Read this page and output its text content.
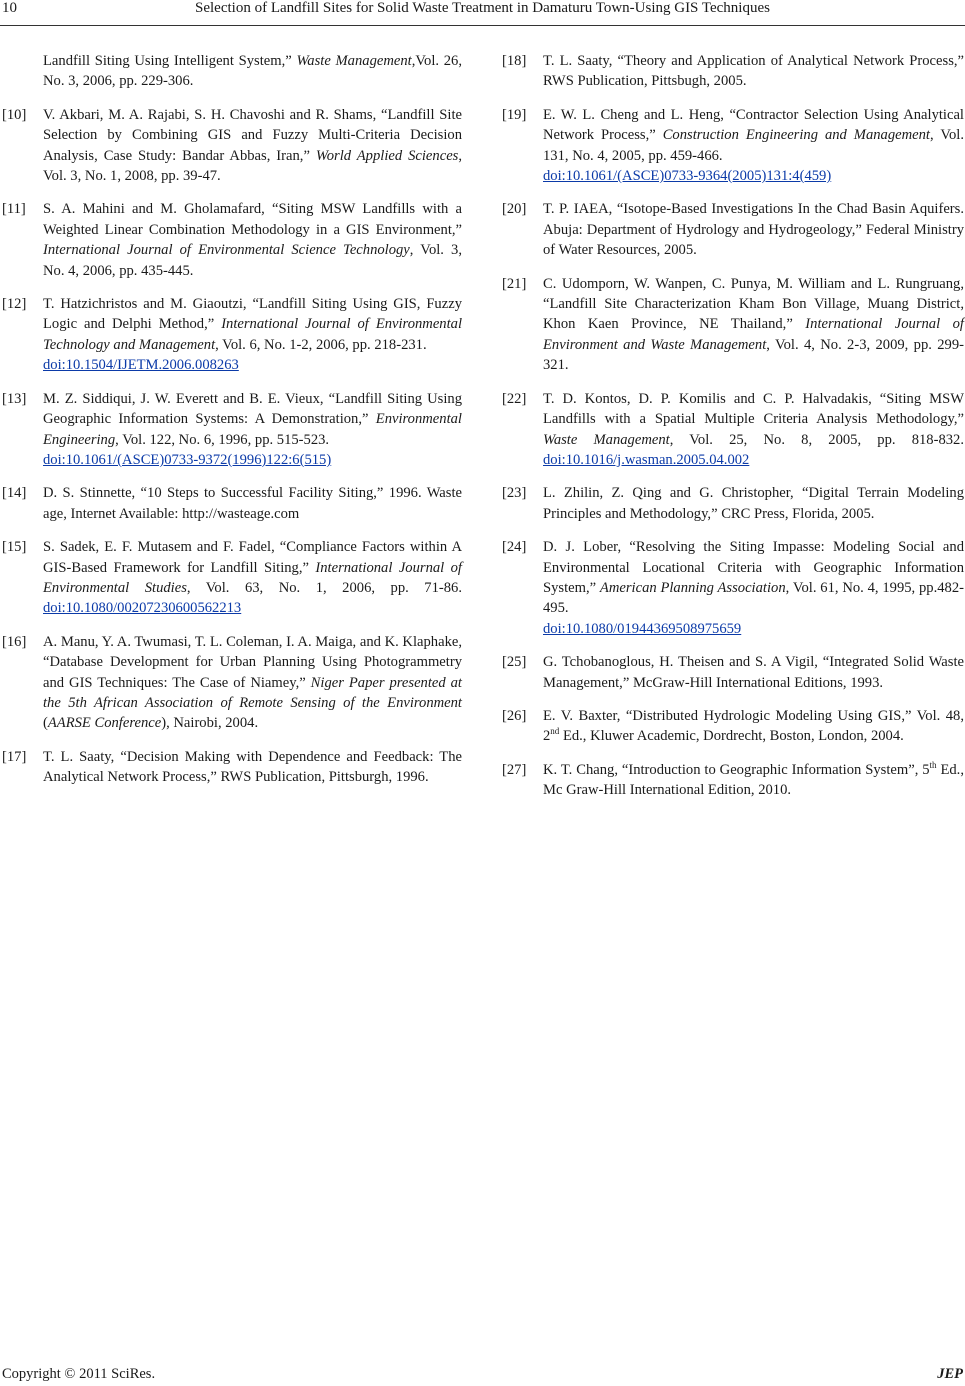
10	Selection of Landfill Sites for Solid Waste Treatment in Damaturu Town-Using GIS Techniques
Landfill Siting Using Intelligent System,” Waste Management,Vol. 26, No. 3, 2006, pp. 229-306.
[10]	V. Akbari, M. A. Rajabi, S. H. Chavoshi and R. Shams, “Landfill Site Selection by Combining GIS and Fuzzy Multi-Criteria Decision Analysis, Case Study: Bandar Abbas, Iran,” World Applied Sciences, Vol. 3, No. 1, 2008, pp. 39-47.
[11]	S. A. Mahini and M. Gholamafard, “Siting MSW Landfills with a Weighted Linear Combination Methodology in a GIS Environment,” International Journal of Environmental Science Technology, Vol. 3, No. 4, 2006, pp. 435-445.
[12]	T. Hatzichristos and M. Giaoutzi, “Landfill Siting Using GIS, Fuzzy Logic and Delphi Method,” International Journal of Environmental Technology and Management, Vol. 6, No. 1-2, 2006, pp. 218-231.
doi:10.1504/IJETM.2006.008263
[13]	M. Z. Siddiqui, J. W. Everett and B. E. Vieux, “Landfill Siting Using Geographic Information Systems: A Demonstration,” Environmental Engineering, Vol. 122, No. 6, 1996, pp. 515-523.
doi:10.1061/(ASCE)0733-9372(1996)122:6(515)
[14]	D. S. Stinnette, “10 Steps to Successful Facility Siting,” 1996. Waste age, Internet Available: http://wasteage.com
[15]	S. Sadek, E. F. Mutasem and F. Fadel, “Compliance Factors within A GIS-Based Framework for Landfill Siting,” International Journal of Environmental Studies, Vol. 63, No. 1, 2006, pp. 71-86. doi:10.1080/00207230600562213
[16]	A. Manu, Y. A. Twumasi, T. L. Coleman, I. A. Maiga, and K. Klaphake, “Database Development for Urban Planning Using Photogrammetry and GIS Techniques: The Case of Niamey,” Niger Paper presented at the 5th African Association of Remote Sensing of the Environment (AARSE Conference), Nairobi, 2004.
[17]	T. L. Saaty, “Decision Making with Dependence and Feedback: The Analytical Network Process,” RWS Publication, Pittsburgh, 1996.
[18]	T. L. Saaty, “Theory and Application of Analytical Network Process,” RWS Publication, Pittsbugh, 2005.
[19]	E. W. L. Cheng and L. Heng, “Contractor Selection Using Analytical Network Process,” Construction Engineering and Management, Vol. 131, No. 4, 2005, pp. 459-466.
doi:10.1061/(ASCE)0733-9364(2005)131:4(459)
[20]	T. P. IAEA, “Isotope-Based Investigations In the Chad Basin Aquifers. Abuja: Department of Hydrology and Hydrogeology,” Federal Ministry of Water Resources, 2005.
[21]	C. Udomporn, W. Wanpen, C. Punya, M. William and L. Rungruang, “Landfill Site Characterization Kham Bon Village, Muang District, Khon Kaen Province, NE Thailand,” International Journal of Environment and Waste Management, Vol. 4, No. 2-3, 2009, pp. 299-321.
[22]	T. D. Kontos, D. P. Komilis and C. P. Halvadakis, “Siting MSW Landfills with a Spatial Multiple Criteria Analysis Methodology,” Waste Management, Vol. 25, No. 8, 2005, pp. 818-832. doi:10.1016/j.wasman.2005.04.002
[23]	L. Zhilin, Z. Qing and G. Christopher, “Digital Terrain Modeling Principles and Methodology,” CRC Press, Florida, 2005.
[24]	D. J. Lober, “Resolving the Siting Impasse: Modeling Social and Environmental Locational Criteria with Geographic Information System,” American Planning Association, Vol. 61, No. 4, 1995, pp.482-495.
doi:10.1080/01944369508975659
[25]	G. Tchobanoglous, H. Theisen and S. A Vigil, “Integrated Solid Waste Management,” McGraw-Hill International Editions, 1993.
[26]	E. V. Baxter, “Distributed Hydrologic Modeling Using GIS,” Vol. 48, 2nd Ed., Kluwer Academic, Dordrecht, Boston, London, 2004.
[27]	K. T. Chang, “Introduction to Geographic Information System”, 5th Ed., Mc Graw-Hill International Edition, 2010.
Copyright © 2011 SciRes.	JEP
